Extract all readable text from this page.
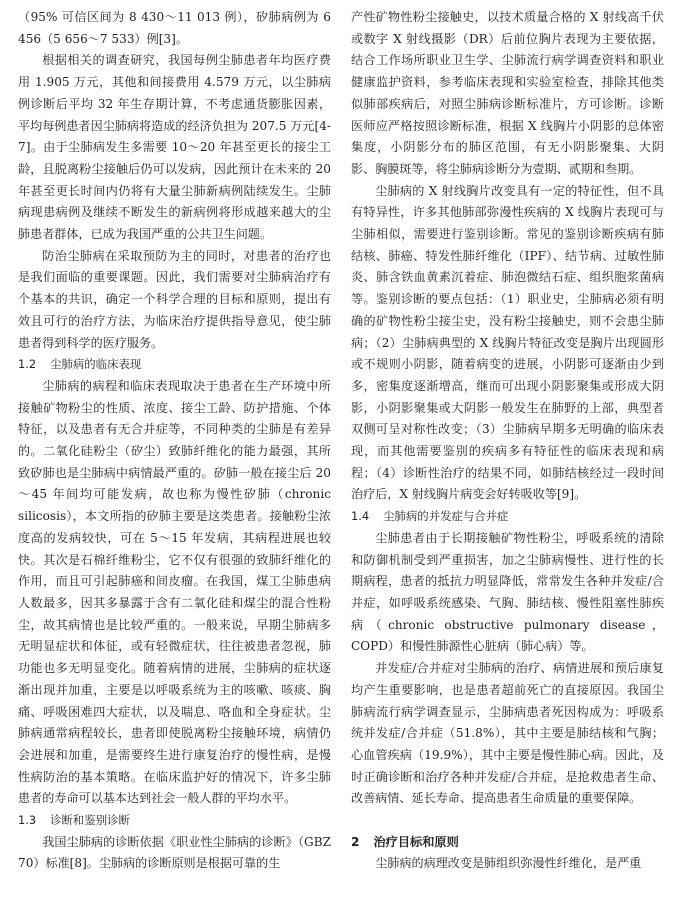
（95% 可信区间为 8 430～11 013 例），矽肺病例为 6 456（5 656～7 533）例[3]。

根据相关的调查研究，我国每例尘肺患者年均医疗费用 1.905 万元，其他和间接费用 4.579 万元，以尘肺病例诊断后平均 32 年生存期计算，不考虑通货膨胀因素，平均每例患者因尘肺病将造成的经济负担为 207.5 万元[4-7]。由于尘肺病发生多需要 10～20 年甚至更长的接尘工龄，且脱离粉尘接触后仍可以发病，因此预计在未来的 20 年甚至更长时间内仍将有大量尘肺新病例陆续发生。尘肺病现患病例及继续不断发生的新病例将形成越来越大的尘肺患者群体，已成为我国严重的公共卫生问题。

防治尘肺病在采取预防为主的同时，对患者的治疗也是我们面临的重要课题。因此，我们需要对尘肺病治疗有个基本的共识，确定一个科学合理的目标和原则，提出有效且可行的治疗方法，为临床治疗提供指导意见，使尘肺患者得到科学的医疗服务。

1.2 尘肺病的临床表现

尘肺病的病程和临床表现取决于患者在生产环境中所接触矿物粉尘的性质、浓度、接尘工龄、防护措施、个体特征，以及患者有无合并症等，不同种类的尘肺是有差异的。二氧化硅粉尘（矽尘）致肺纤维化的能力最强，其所致矽肺也是尘肺病中病情最严重的。矽肺一般在接尘后 20～45 年间均可能发病，故也称为慢性矽肺（chronic silicosis），本文所指的矽肺主要是这类患者。接触粉尘浓度高的发病较快，可在 5～15 年发病，其病程进展也较快。其次是石棉纤维粉尘，它不仅有很强的致肺纤维化的作用，而且可引起肺癌和间皮瘤。在我国，煤工尘肺患病人数最多，因其多暴露于含有二氧化硅和煤尘的混合性粉尘，故其病情也是比较严重的。一般来说，早期尘肺病多无明显症状和体征，或有轻微症状，往往被患者忽视，肺功能也多无明显变化。随着病情的进展，尘肺病的症状逐渐出现并加重，主要是以呼吸系统为主的咳嗽、咳痰、胸痛、呼吸困难四大症状，以及喘息、咯血和全身症状。尘肺病通常病程较长，患者即使脱离粉尘接触环境，病情仍会进展和加重，是需要终生进行康复治疗的慢性病，是慢性病防治的基本策略。在临床监护好的情况下，许多尘肺患者的寿命可以基本达到社会一般人群的平均水平。

1.3 诊断和鉴别诊断

我国尘肺病的诊断依据《职业性尘肺病的诊断》（GBZ 70）标准[8]。尘肺病的诊断原则是根据可靠的生

产性矿物性粉尘接触史，以技术质量合格的 X 射线高千伏或数字 X 射线摄影（DR）后前位胸片表现为主要依据，结合工作场所职业卫生学、尘肺流行病学调查资料和职业健康监护资料，参考临床表现和实验室检查，排除其他类似肺部疾病后，对照尘肺病诊断标准片，方可诊断。诊断医师应严格按照诊断标准，根据 X 线胸片小阴影的总体密集度，小阴影分布的肺区范围，有无小阴影聚集、大阴影、胸膜斑等，将尘肺病诊断分为壹期、贰期和叁期。

尘肺病的 X 射线胸片改变具有一定的特征性，但不具有特异性，许多其他肺部弥漫性疾病的 X 线胸片表现可与尘肺相似，需要进行鉴别诊断。常见的鉴别诊断疾病有肺结核、肺癌、特发性肺纤维化（IPF）、结节病、过敏性肺炎、肺含铁血黄素沉着症、肺泡微结石症、组织胞浆菌病等。鉴别诊断的要点包括：（1）职业史，尘肺病必须有明确的矿物性粉尘接尘史，没有粉尘接触史，则不会患尘肺病；（2）尘肺病典型的 X 线胸片特征改变是胸片出现圆形或不规则小阴影，随着病变的进展，小阴影可逐渐由少到多，密集度逐渐增高，继而可出现小阴影聚集或形成大阴影，小阴影聚集或大阴影一般发生在肺野的上部，典型者双侧可呈对称性改变；（3）尘肺病早期多无明确的临床表现，而其他需要鉴别的疾病多有特征性的临床表现和病程；（4）诊断性治疗的结果不同，如肺结核经过一段时间治疗后，X 射线胸片病变会好转吸收等[9]。

1.4 尘肺病的并发症与合并症

尘肺患者由于长期接触矿物性粉尘，呼吸系统的清除和防御机制受到严重损害，加之尘肺病慢性、进行性的长期病程，患者的抵抗力明显降低，常常发生各种并发症/合并症，如呼吸系统感染、气胸、肺结核、慢性阻塞性肺疾病（chronic obstructive pulmonary disease，COPD）和慢性肺源性心脏病（肺心病）等。

并发症/合并症对尘肺病的治疗、病情进展和预后康复均产生重要影响，也是患者超前死亡的直接原因。我国尘肺病流行病学调查显示，尘肺病患者死因构成为：呼吸系统并发症/合并症（51.8%），其中主要是肺结核和气胸；心血管疾病（19.9%），其中主要是慢性肺心病。因此，及时正确诊断和治疗各种并发症/合并症，是抢救患者生命、改善病情、延长寿命、提高患者生命质量的重要保障。

2 治疗目标和原则

尘肺病的病理改变是肺组织弥漫性纤维化，是严重
